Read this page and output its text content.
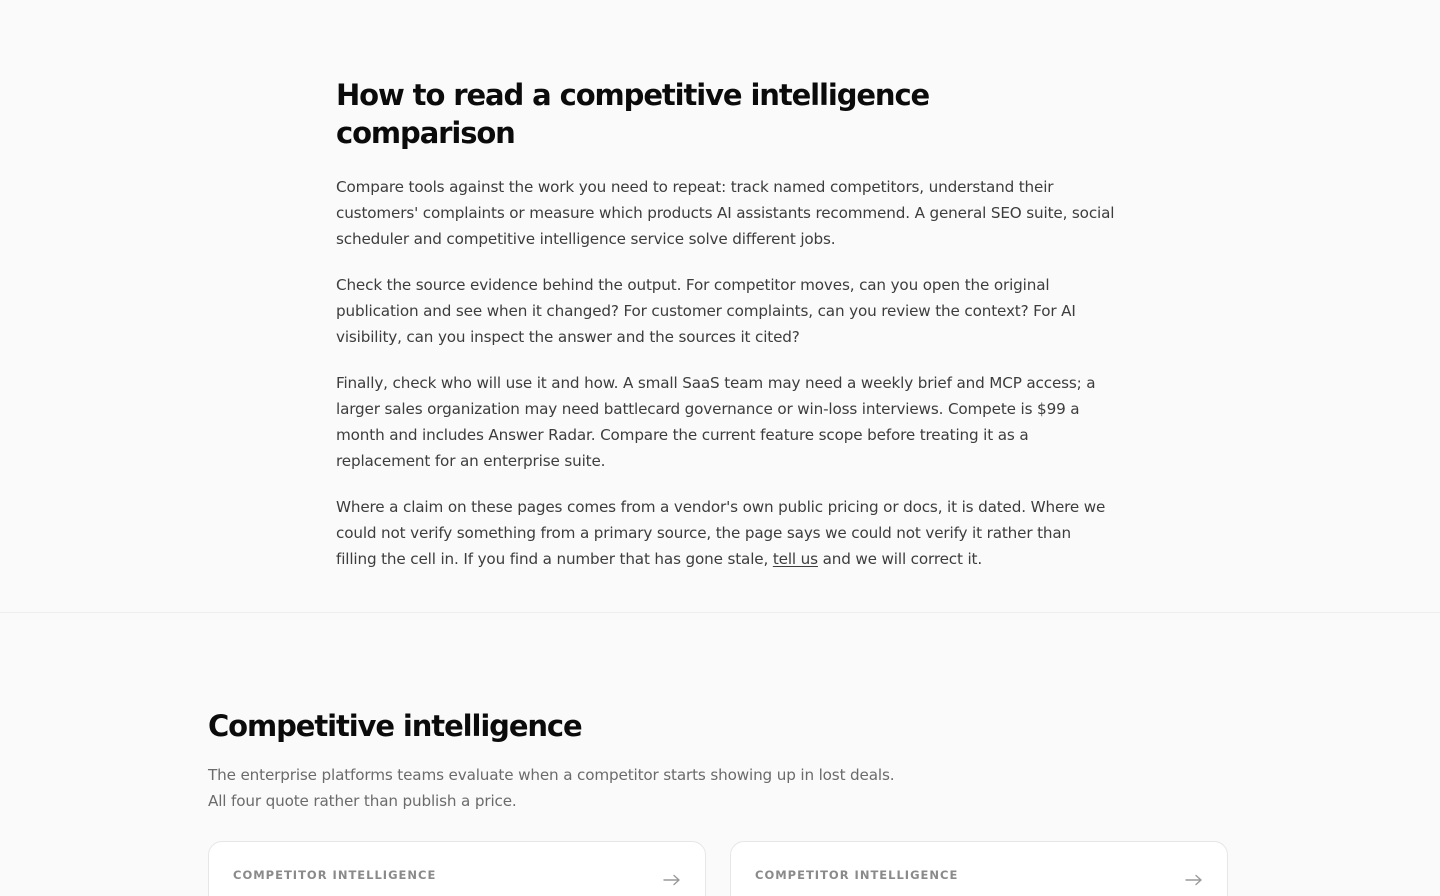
How to read a competitive intelligence comparison

Compare tools against the work you need to repeat: track named competitors, understand their customers' complaints or measure which products AI assistants recommend. A general SEO suite, social scheduler and competitive intelligence service solve different jobs.

Check the source evidence behind the output. For competitor moves, can you open the original publication and see when it changed? For customer complaints, can you review the context? For AI visibility, can you inspect the answer and the sources it cited?

Finally, check who will use it and how. A small SaaS team may need a weekly brief and MCP access; a larger sales organization may need battlecard governance or win-loss interviews. Compete is $99 a month and includes Answer Radar. Compare the current feature scope before treating it as a replacement for an enterprise suite.

Where a claim on these pages comes from a vendor's own public pricing or docs, it is dated. Where we could not verify something from a primary source, the page says we could not verify it rather than filling the cell in. If you find a number that has gone stale, tell us and we will correct it.

Competitive intelligence

The enterprise platforms teams evaluate when a competitor starts showing up in lost deals.
All four quote rather than publish a price.

COMPETITOR INTELLIGENCE	COMPETITOR INTELLIGENCE
